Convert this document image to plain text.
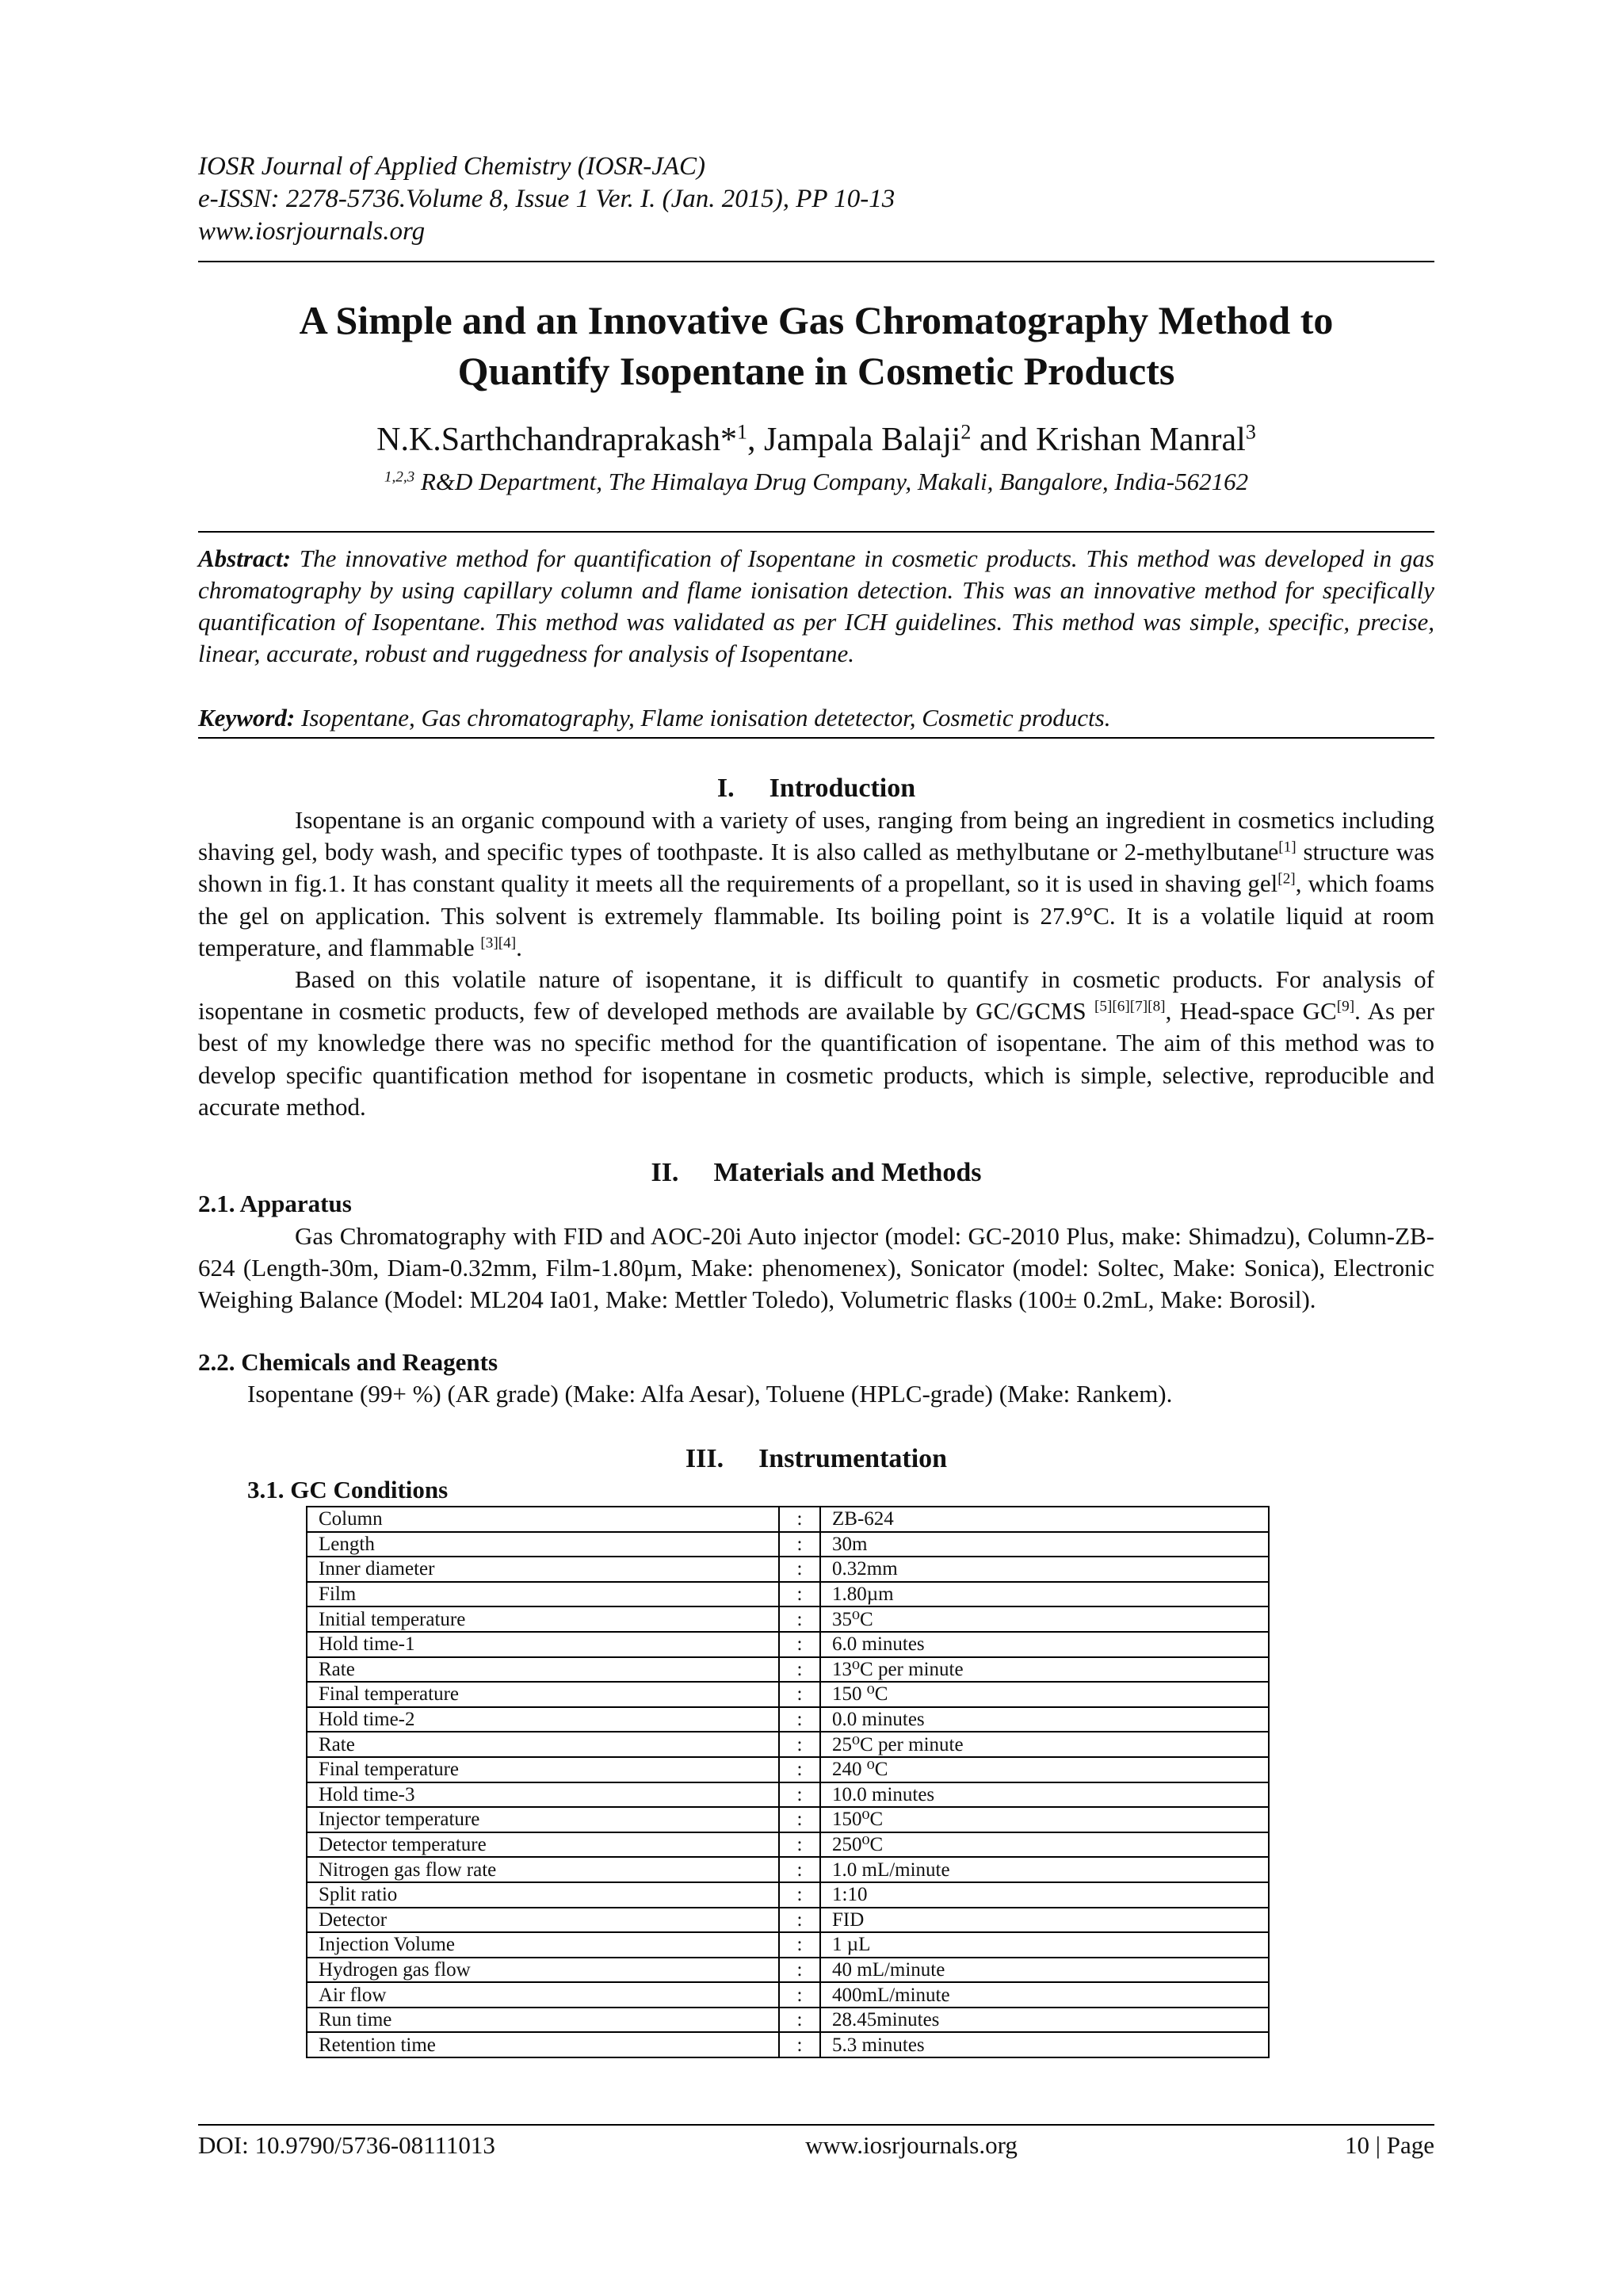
IOSR Journal of Applied Chemistry (IOSR-JAC)
e-ISSN: 2278-5736.Volume 8, Issue 1 Ver. I. (Jan. 2015), PP 10-13
www.iosrjournals.org
A Simple and an Innovative Gas Chromatography Method to
Quantify Isopentane in Cosmetic Products
N.K.Sarthchandraprakash*$^1$, Jampala Balaji$^2$ and Krishan Manral$^3$
$^{1,2,3}$ R&D Department, The Himalaya Drug Company, Makali, Bangalore, India-562162
Abstract: The innovative method for quantification of Isopentane in cosmetic products. This method was developed in gas chromatography by using capillary column and flame ionisation detection. This was an innovative method for specifically quantification of Isopentane. This method was validated as per ICH guidelines. This method was simple, specific, precise, linear, accurate, robust and ruggedness for analysis of Isopentane.
Keyword: Isopentane, Gas chromatography, Flame ionisation detetector, Cosmetic products.
I. Introduction
Isopentane is an organic compound with a variety of uses, ranging from being an ingredient in cosmetics including shaving gel, body wash, and specific types of toothpaste. It is also called as methylbutane or 2-methylbutane[1] structure was shown in fig.1. It has constant quality it meets all the requirements of a propellant, so it is used in shaving gel[2], which foams the gel on application. This solvent is extremely flammable. Its boiling point is 27.9°C. It is a volatile liquid at room temperature, and flammable [3][4].
Based on this volatile nature of isopentane, it is difficult to quantify in cosmetic products. For analysis of isopentane in cosmetic products, few of developed methods are available by GC/GCMS [5][6][7][8], Head-space GC[9]. As per best of my knowledge there was no specific method for the quantification of isopentane. The aim of this method was to develop specific quantification method for isopentane in cosmetic products, which is simple, selective, reproducible and accurate method.
II. Materials and Methods
2.1. Apparatus
Gas Chromatography with FID and AOC-20i Auto injector (model: GC-2010 Plus, make: Shimadzu), Column-ZB-624 (Length-30m, Diam-0.32mm, Film-1.80µm, Make: phenomenex), Sonicator (model: Soltec, Make: Sonica), Electronic Weighing Balance (Model: ML204 Ia01, Make: Mettler Toledo), Volumetric flasks (100± 0.2mL, Make: Borosil).
2.2. Chemicals and Reagents
Isopentane (99+ %) (AR grade) (Make: Alfa Aesar), Toluene (HPLC-grade) (Make: Rankem).
III. Instrumentation
3.1. GC Conditions
Column	:	ZB-624
Length	:	30m
Inner diameter	:	0.32mm
Film	:	1.80µm
Initial temperature	:	35⁰C
Hold time-1	:	6.0 minutes
Rate	:	13⁰C per minute
Final temperature	:	150 ⁰C
Hold time-2	:	0.0 minutes
Rate	:	25⁰C per minute
Final temperature	:	240 ⁰C
Hold time-3	:	10.0 minutes
Injector temperature	:	150⁰C
Detector temperature	:	250⁰C
Nitrogen gas flow rate	:	1.0 mL/minute
Split ratio	:	1:10
Detector	:	FID
Injection Volume	:	1 µL
Hydrogen gas flow	:	40 mL/minute
Air flow	:	400mL/minute
Run time	:	28.45minutes
Retention time	:	5.3 minutes
DOI: 10.9790/5736-08111013	www.iosrjournals.org	10 | Page
